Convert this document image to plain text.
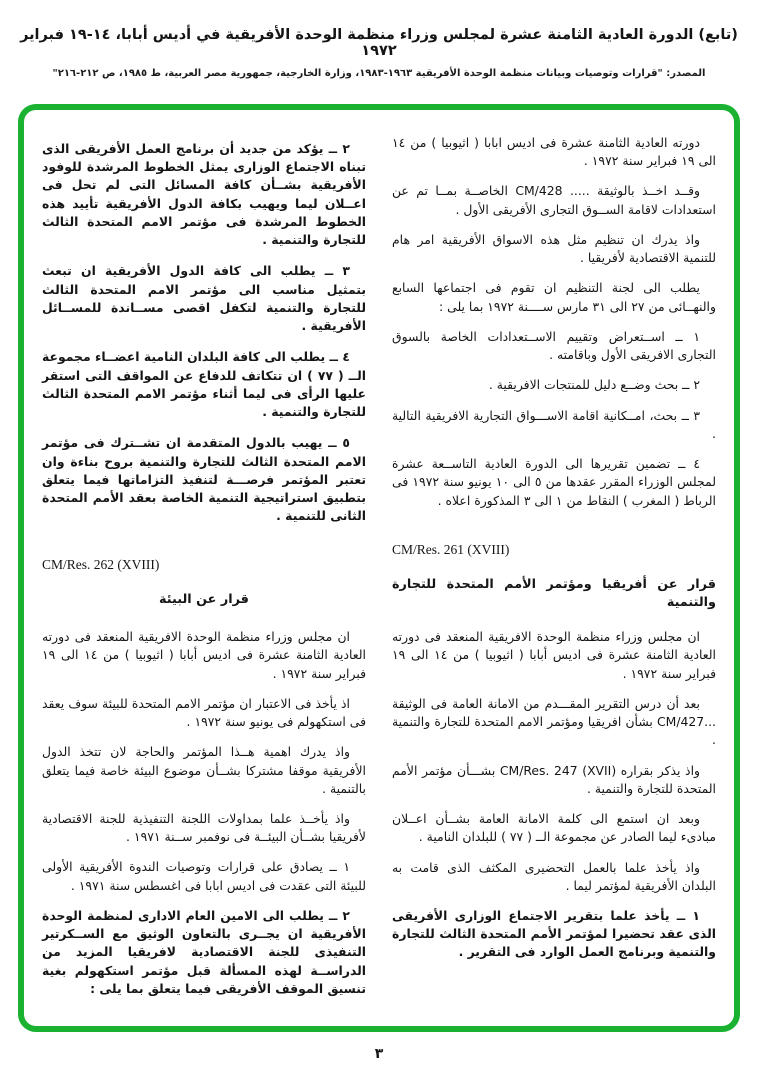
(تابع) الدورة العادية الثامنة عشرة لمجلس وزراء منظمة الوحدة الأفريقية في أديس أبابا، ١٤-١٩ فبراير ١٩٧٢
المصدر: "قرارات وتوصيات وبيانات منظمة الوحدة الأفريقية ١٩٦٣-١٩٨٣، وزارة الخارجية، جمهورية مصر العربية، ط ١٩٨٥، ص ٢١٢-٢١٦"

دورته العادية الثامنة عشرة فى اديس ابابا ( اثيوبيا ) من ١٤ الى ١٩ فبراير سنة ١٩٧٢ .

وقــد اخــذ بالوثيقة ..... CM/428 الخاصــة بمــا تم عن استعدادات لاقامة الســوق التجارى الأفريقى الأول .

واذ يدرك ان تنظيم مثل هذه الاسواق الأفريقية امر هام للتنمية الاقتصادية لأفريقيا .

يطلب الى لجنة التنظيم ان تقوم فى اجتماعها السابع والنهــائى من ٢٧ الى ٣١ مارس ســــنة ١٩٧٢ بما يلى :

١ ــ اســتعراض وتقييم الاســتعدادات الخاصة بالسوق التجارى الافريقى الأول وباقامته .

٢ ــ بحث وضــع دليل للمنتجات الافريقية .

٣ ــ بحث، امــكانية اقامة الاســـواق التجارية الافريقية التالية .

٤ ــ تضمين تقريرها الى الدورة العادية التاســعة عشرة لمجلس الوزراء المقرر عقدها من ٥ الى ١٠ يونيو سنة ١٩٧٢ فى الرباط ( المغرب ) النقاط من ١ الى ٣ المذكورة اعلاه .

CM/Res. 261 (XVIII)

قرار عن أفريقيا ومؤتمر الأمم المتحدة للتجارة والتنمية

ان مجلس وزراء منظمة الوحدة الافريقية المنعقد فى دورته العادية الثامنة عشرة فى اديس أبابا ( اثيوبيا ) من ١٤ الى ١٩ فبراير سنة ١٩٧٢ .

بعد أن درس التقرير المقـــدم من الامانة العامة فى الوثيقة ...CM/427 بشأن افريقيا ومؤتمر الامم المتحدة للتجارة والتنمية .

واذ يذكر بقراره CM/Res. 247 (XVII) بشـــأن مؤتمر الأمم المتحدة للتجارة والتنمية .

وبعد ان استمع الى كلمة الامانة العامة بشــأن اعــلان مبادىء ليما الصادر عن مجموعة الــ ( ٧٧ ) للبلدان النامية .

واذ يأخذ علما بالعمل التحضيرى المكثف الذى قامت به البلدان الأفريقية لمؤتمر ليما .

١ ــ يأخذ علما بتقرير الاجتماع الوزارى الأفريقى الذى عقد تحضيرا لمؤتمر الأمم المتحدة الثالث للتجارة والتنمية وبرنامج العمل الوارد فى التقرير .

٢ ــ يؤكد من جديد أن برنامج العمل الأفريقى الذى تبناه الاجتماع الوزارى يمثل الخطوط المرشدة للوفود الأفريقية بشــأن كافة المسائل التى لم تحل فى اعــلان ليما ويهيب بكافة الدول الأفريقية تأييد هذه الخطوط المرشدة فى مؤتمر الامم المتحدة الثالث للتجارة والتنمية .

٣ ــ يطلب الى كافة الدول الأفريقية ان تبعث بتمثيل مناسب الى مؤتمر الامم المتحدة الثالث للتجارة والتنمية لتكفل اقصى مســاندة للمســائل الأفريقية .

٤ ــ يطلب الى كافة البلدان النامية اعضــاء مجموعة الــ ( ٧٧ ) ان تتكاتف للدفاع عن المواقف التى استقر عليها الرأى فى ليما أثناء مؤتمر الامم المتحدة الثالث للتجارة والتنمية .

٥ ــ يهيب بالدول المتقدمة ان تشــترك فى مؤتمر الامم المتحدة الثالث للتجارة والتنمية بروح بناءة وان تعتبر المؤتمر فرصـــة لتنفيذ التزاماتها فيما يتعلق بتطبيق استراتيجية التنمية الخاصة بعقد الأمم المتحدة الثانى للتنمية .

CM/Res. 262 (XVIII)

قرار عن البيئة

ان مجلس وزراء منظمة الوحدة الافريقية المنعقد فى دورته العادية الثامنة عشرة فى اديس أبابا ( اثيوبيا ) من ١٤ الى ١٩ فبراير سنة ١٩٧٢ .

اذ يأخذ فى الاعتبار ان مؤتمر الامم المتحدة للبيئة سوف يعقد فى استكهولم فى يونيو سنة ١٩٧٢ .

واذ يدرك اهمية هــذا المؤتمر والحاجة لان تتخذ الدول الأفريقية موقفا مشتركا بشــأن موضوع البيئة خاصة فيما يتعلق بالتنمية .

واذ يأخــذ علما بمداولات اللجنة التنفيذية للجنة الاقتصادية لأفريقيا بشــأن البيئــة فى نوفمبر ســنة ١٩٧١ .

١ ــ يصادق على قرارات وتوصيات الندوة الأفريقية الأولى للبيئة التى عقدت فى اديس ابابا فى اغسطس سنة ١٩٧١ .

٢ ــ يطلب الى الامين العام الادارى لمنظمة الوحدة الأفريقية ان يجــرى بالتعاون الوثيق مع الســكرتير التنفيذى للجنة الاقتصادية لافريقيا المزيد من الدراســة لهذه المسألة قبل مؤتمر استكهولم بغية تنسيق الموقف الأفريقى فيما يتعلق بما يلى :

٣
